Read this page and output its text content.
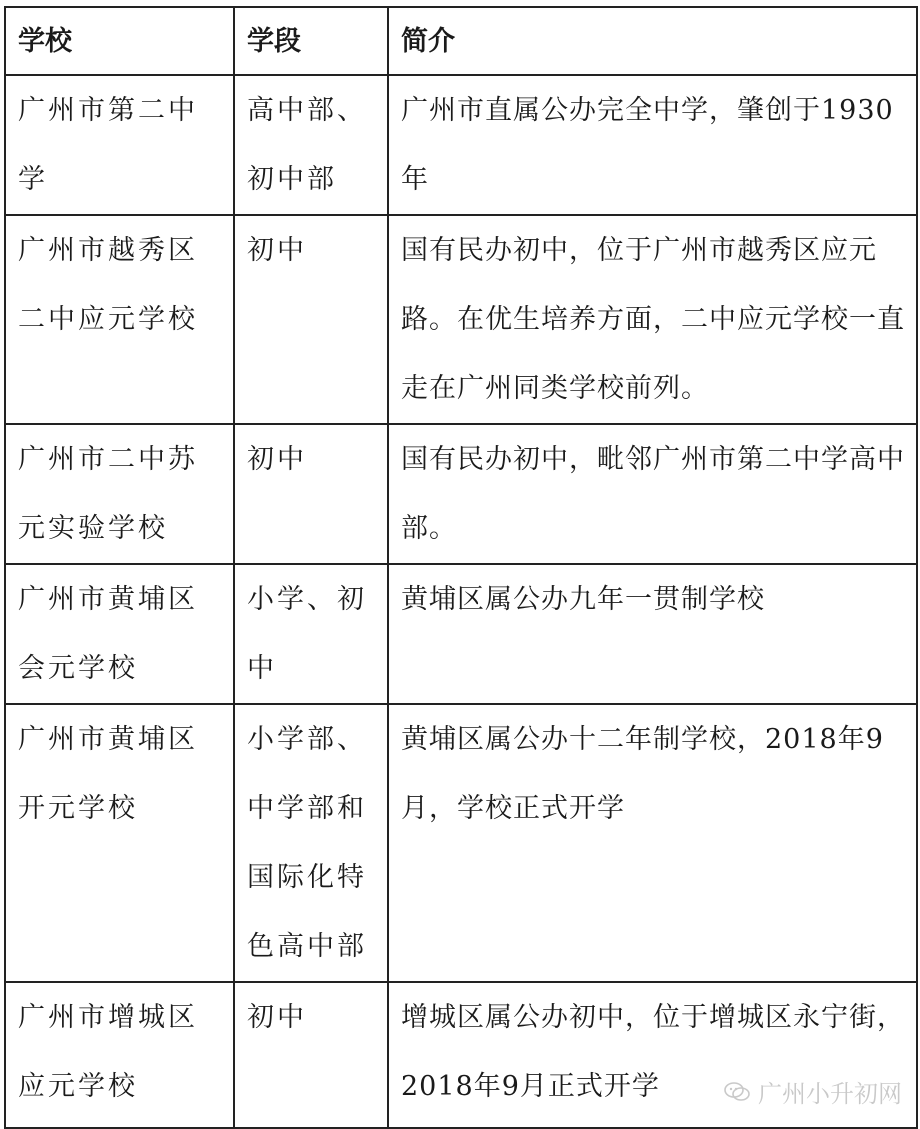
学校	学段	简介

广州市第二中学	高中部、初中部	广州市直属公办完全中学，肇创于1930年

广州市越秀区二中应元学校	初中	国有民办初中，位于广州市越秀区应元路。在优生培养方面，二中应元学校一直走在广州同类学校前列。

广州市二中苏元实验学校	初中	国有民办初中，毗邻广州市第二中学高中部。

广州市黄埔区会元学校	小学、初中	黄埔区属公办九年一贯制学校

广州市黄埔区开元学校	小学部、中学部和国际化特色高中部	黄埔区属公办十二年制学校，2018年9月，学校正式开学

广州市增城区应元学校	初中	增城区属公办初中，位于增城区永宁街，2018年9月正式开学	广州小升初网
